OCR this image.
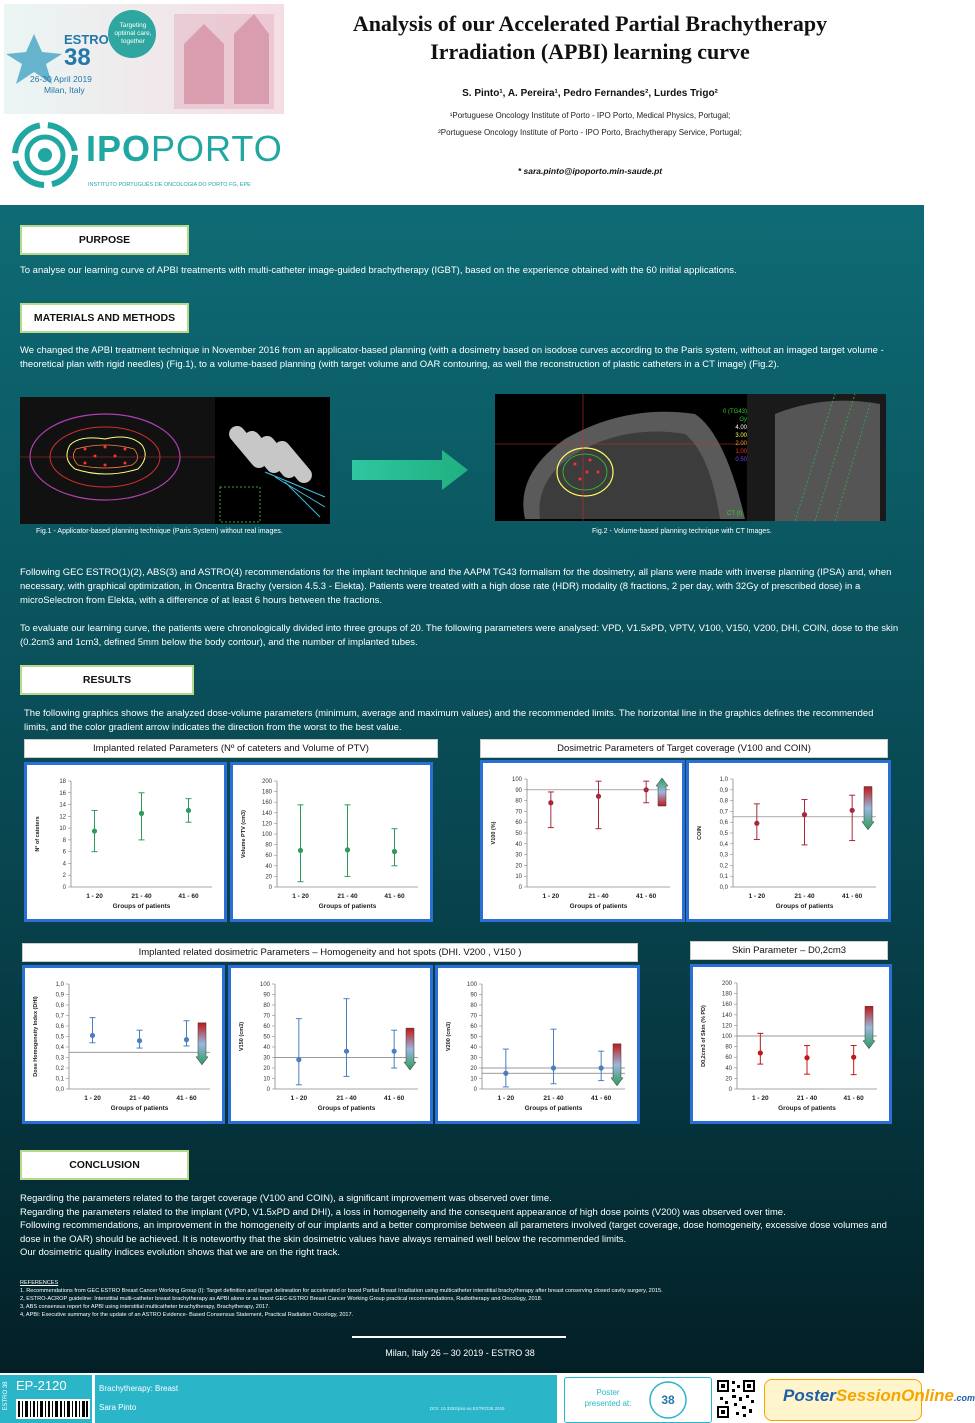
ESTRO
38
26-30 April 2019
Milan, Italy
Targeting optimal care, together
IPOPORTO
INSTITUTO PORTUGUÊS DE ONCOLOGIA DO PORTO FG, EPE
Analysis of our Accelerated Partial Brachytherapy
Irradiation (APBI) learning curve
S. Pinto¹, A. Pereira¹, Pedro Fernandes², Lurdes Trigo²
¹Portuguese Oncology Institute of Porto - IPO Porto, Medical Physics, Portugal;
²Portuguese Oncology Institute of Porto - IPO Porto, Brachytherapy Service, Portugal;
* sara.pinto@ipoporto.min-saude.pt
PURPOSE
To analyse our learning curve of APBI treatments with multi-catheter image-guided brachytherapy (IGBT), based on the experience obtained with the 60 initial applications.
MATERIALS AND METHODS
We changed the APBI treatment technique in November 2016 from an applicator-based planning (with a dosimetry based on isodose curves according to the Paris system, without an imaged target volume - theoretical plan with rigid needles) (Fig.1), to a volume-based planning (with target volume and OAR contouring, as well the reconstruction of plastic catheters in a CT image) (Fig.2).
Fig.1 - Applicator-based planning technique (Paris System) without real images.
0 (TG43)
Gy
4.00
3.00
2.00
1.00
0.50
CT (I)
Fig.2 - Volume-based planning technique with CT Images.
Following GEC ESTRO(1)(2), ABS(3) and ASTRO(4) recommendations for the implant technique and the AAPM TG43 formalism for the dosimetry, all plans were made with inverse planning (IPSA) and, when necessary, with graphical optimization, in Oncentra Brachy (version 4.5.3 - Elekta). Patients were treated with a high dose rate (HDR) modality (8 fractions, 2 per day, with 32Gy of prescribed dose) in a microSelectron from Elekta, with a difference of at least 6 hours between the fractions.
To evaluate our learning curve, the patients were chronologically divided into three groups of 20. The following parameters were analysed: VPD, V1.5xPD, VPTV, V100, V150, V200, DHI, COIN, dose to the skin (0.2cm3 and 1cm3, defined 5mm below the body contour), and the number of implanted tubes.
RESULTS
The following graphics shows the analyzed dose-volume parameters (minimum, average and maximum values) and the recommended limits. The horizontal line in the graphics defines the recommended limits, and the color gradient arrow indicates the direction from the worst to the best value.
Implanted related Parameters (Nº of cateters and Volume of PTV)	Dosimetric Parameters of Target coverage (V100 and COIN)
0
2
4
6
8
10
12
14
16
18
1 - 20	21 - 40	41 - 60
Groups of patients
Nº of cateters
0
20
40
60
80
100
120
140
160
180
200
1 - 20	21 - 40	41 - 60
Groups of patients
Volume PTV (cm3)
0
10
20
30
40
50
60
70
80
90
100
1 - 20	21 - 40	41 - 60
Groups of patients
V100 (%)
0,0
0,1
0,2
0,3
0,4
0,5
0,6
0,7
0,8
0,9
1,0
1 - 20	21 - 40	41 - 60
Groups of patients
COIN
Implanted related dosimetric Parameters – Homogeneity and hot spots (DHI. V200 , V150 )	Skin Parameter – D0,2cm3
0,0
0,1
0,2
0,3
0,4
0,5
0,6
0,7
0,8
0,9
1,0
1 - 20	21 - 40	41 - 60
Groups of patients
Dose Homogeneity Index (DHI)
0
10
20
30
40
50
60
70
80
90
100
1 - 20	21 - 40	41 - 60
Groups of patients
V150 (cm3)
0
10
20
30
40
50
60
70
80
90
100
1 - 20	21 - 40	41 - 60
Groups of patients
V200 (cm3)
0
20
40
60
80
100
120
140
160
180
200
1 - 20	21 - 40	41 - 60
Groups of patients
D0,2cm3 of Skin (% PD)
CONCLUSION
Regarding the parameters related to the target coverage (V100 and COIN), a significant improvement was observed over time.
Regarding the parameters related to the implant (VPD, V1.5xPD and DHI), a loss in homogeneity and the consequent appearance of high dose points (V200) was observed over time.
Following recommendations, an improvement in the homogeneity of our implants and a better compromise between all parameters involved (target coverage, dose homogeneity, excessive dose volumes and dose in the OAR) should be achieved. It is noteworthy that the skin dosimetric values have always remained well below the recommended limits.
Our dosimetric quality indices evolution shows that we are on the right track.
REFERENCES
1. Recommendations from GEC ESTRO Breast Cancer Working Group (I): Target definition and target delineation for accelerated or boost Partial Breast Irradiation using multicatheter interstitial brachytherapy after breast conserving closed cavity surgery, 2015.
2, ESTRO-ACROP guideline: Interstitial multi-catheter breast brachytherapy as APBI alone or as boost GEC-ESTRO Breast Cancer Working Group practical recommendations, Radiotherapy and Oncology, 2018.
3, ABS consensus report for APBI using interstitial multicatheter brachytherapy, Brachytherapy, 2017.
4, APBI: Executive summary for the update of an ASTRO Evidence- Based Consensus Statement, Practical Radiation Oncology, 2017.
Milan, Italy 26 – 30 2019 - ESTRO 38
ESTRO 38 EP-2120	Brachytherapy: Breast
Sara Pinto	DOI: 10.3252/pso.eu.ESTRO38.2019
Poster presented at: 38	PosterSessionOnline.com
